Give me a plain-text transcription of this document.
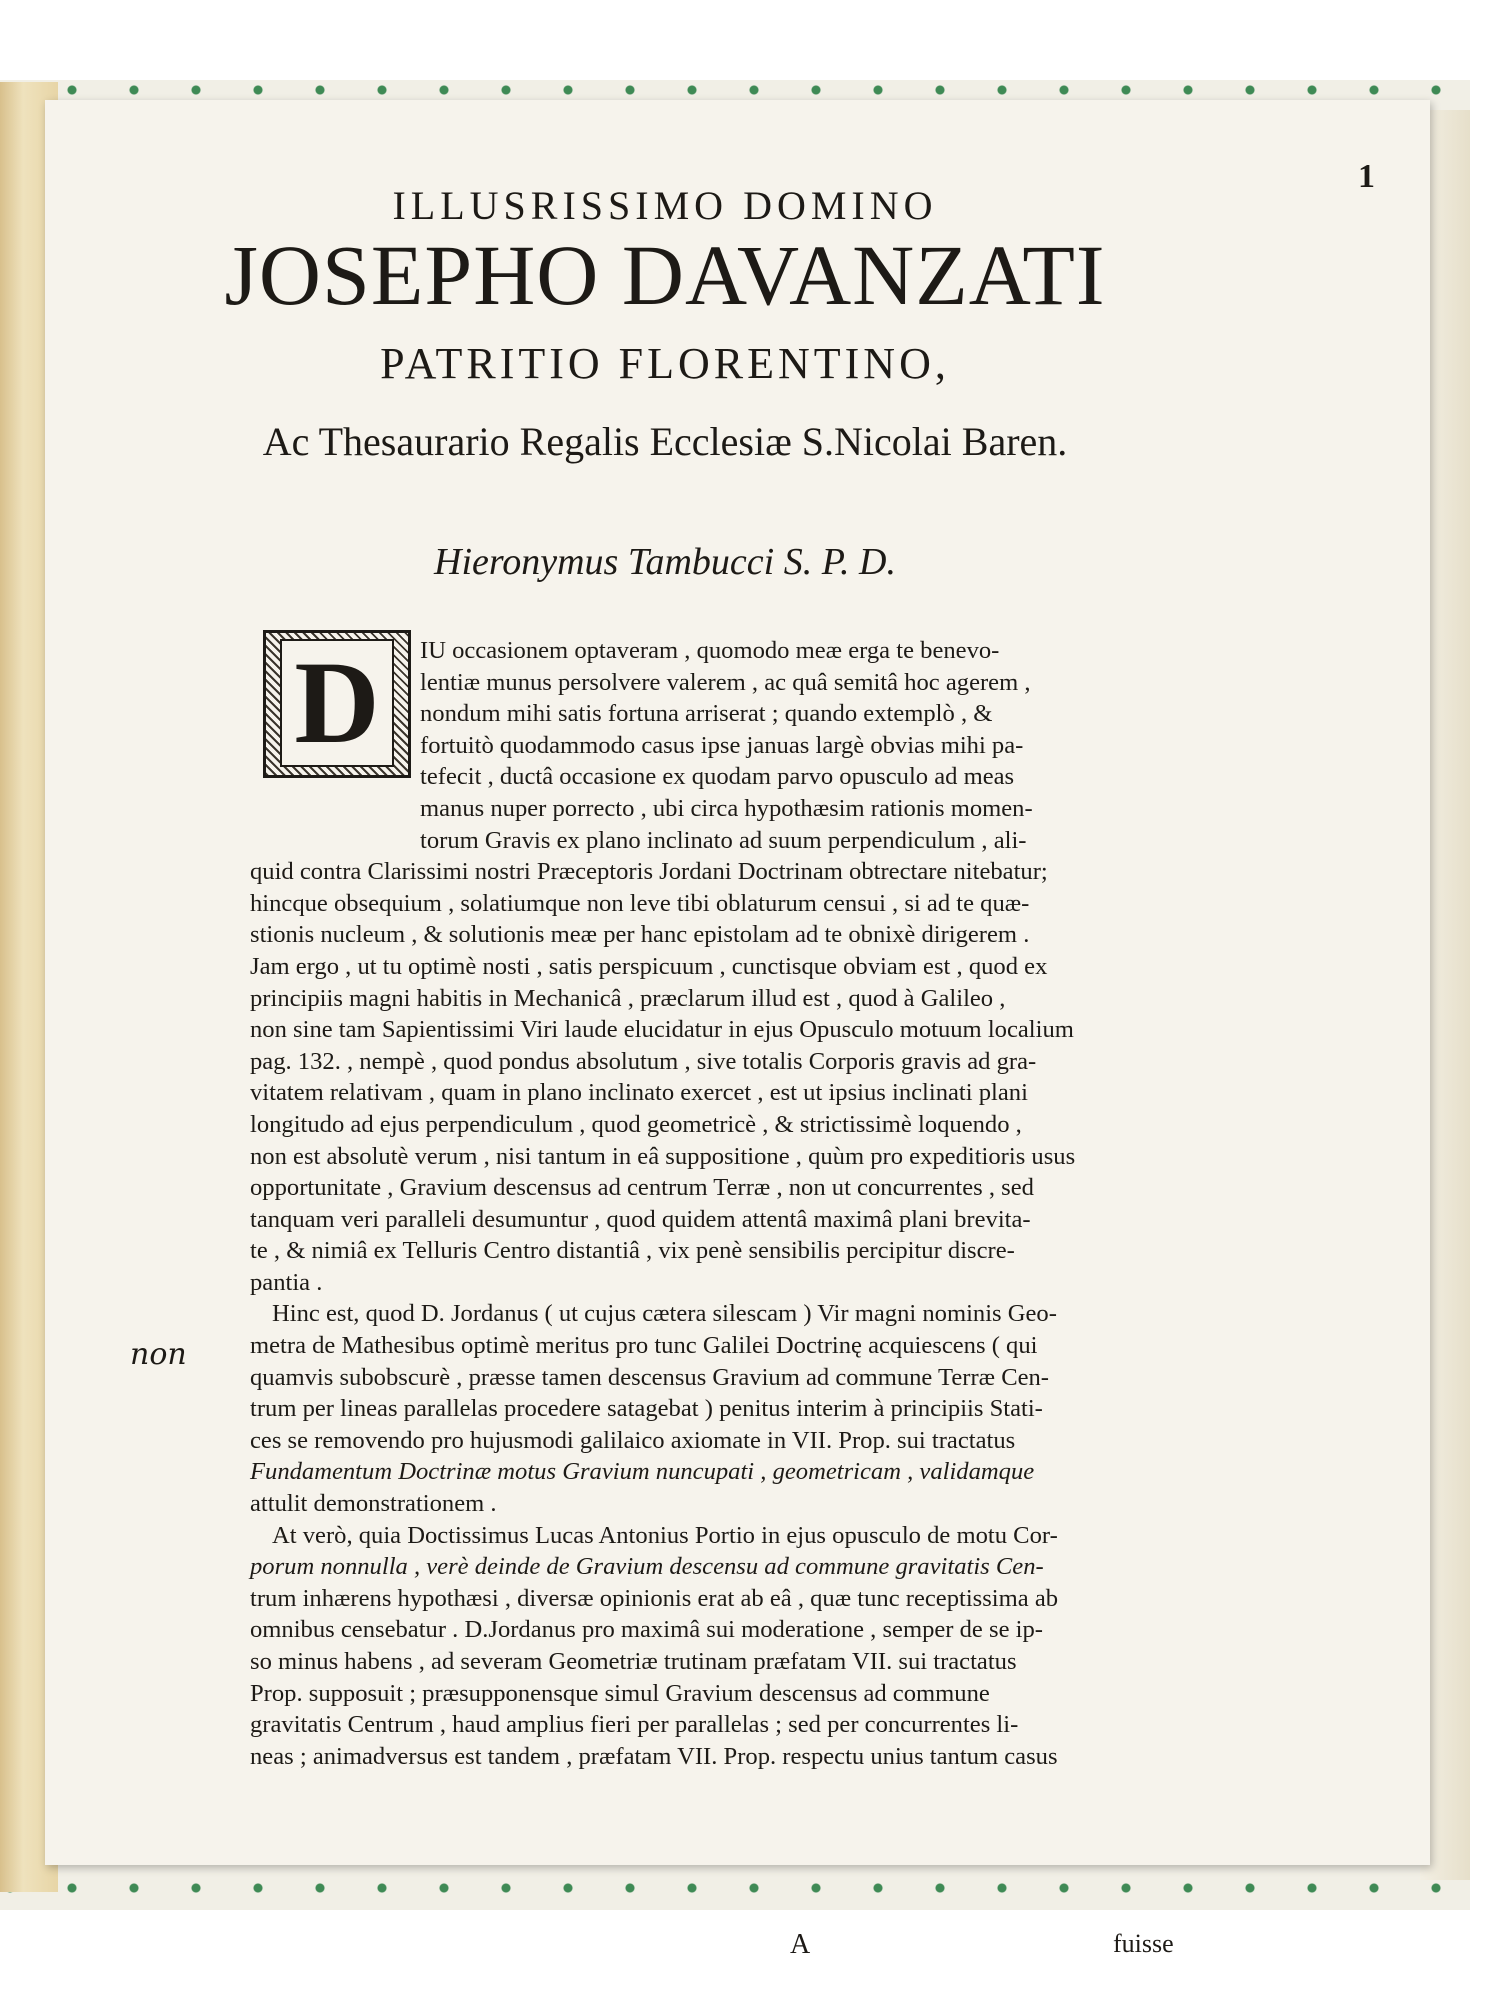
1
ILLUSRISSIMO DOMINO
JOSEPHO DAVANZATI
PATRITIO FLORENTINO,
Ac Thesaurario Regalis Ecclesiæ S.Nicolai Baren.
Hieronymus Tambucci S. P. D.
D	IU occasionem optaveram , quomodo meæ erga te benevo-
lentiæ munus persolvere valerem , ac quâ semitâ hoc agerem ,
nondum mihi satis fortuna arriserat ; quando extemplò , &
fortuitò quodammodo casus ipse januas largè obvias mihi pa-
tefecit , ductâ occasione ex quodam parvo opusculo ad meas
manus nuper porrecto , ubi circa hypothæsim rationis momen-
torum Gravis ex plano inclinato ad suum perpendiculum , ali-
quid contra Clarissimi nostri Præceptoris Jordani Doctrinam obtrectare nitebatur;
hincque obsequium , solatiumque non leve tibi oblaturum censui , si ad te quæ-
stionis nucleum , & solutionis meæ per hanc epistolam ad te obnixè dirigerem .
Jam ergo , ut tu optimè nosti , satis perspicuum , cunctisque obviam est , quod ex
principiis magni habitis in Mechanicâ , præclarum illud est , quod à Galileo ,
non sine tam Sapientissimi Viri laude elucidatur in ejus Opusculo motuum localium
pag. 132. , nempè , quod pondus absolutum , sive totalis Corporis gravis ad gra-
vitatem relativam , quam in plano inclinato exercet , est ut ipsius inclinati plani
longitudo ad ejus perpendiculum , quod geometricè , & strictissimè loquendo ,
non est absolutè verum , nisi tantum in eâ suppositione , quùm pro expeditioris usus
opportunitate , Gravium descensus ad centrum Terræ , non ut concurrentes , sed
tanquam veri paralleli desumuntur , quod quidem attentâ maximâ plani brevita-
te , & nimiâ ex Telluris Centro distantiâ , vix penè sensibilis percipitur discre-
pantia .
Hinc est, quod D. Jordanus ( ut cujus cætera silescam ) Vir magni nominis Geo-
metra de Mathesibus optimè meritus pro tunc Galilei Doctrinę acquiescens ( qui
quamvis subobscurè , præsse tamen descensus Gravium ad commune Terræ Cen-
trum per lineas parallelas procedere satagebat ) penitus interim à principiis Stati-
ces se removendo pro hujusmodi galilaico axiomate in VII. Prop. sui tractatus
Fundamentum Doctrinæ motus Gravium nuncupati , geometricam , validamque
attulit demonstrationem .
At verò, quia Doctissimus Lucas Antonius Portio in ejus opusculo de motu Cor-
porum nonnulla , verè deinde de Gravium descensu ad commune gravitatis Cen-
trum inhærens hypothæsi , diversæ opinionis erat ab eâ , quæ tunc receptissima ab
omnibus censebatur . D.Jordanus pro maximâ sui moderatione , semper de se ip-
so minus habens , ad severam Geometriæ trutinam præfatam VII. sui tractatus
Prop. supposuit ; præsupponensque simul Gravium descensus ad commune
gravitatis Centrum , haud amplius fieri per parallelas ; sed per concurrentes li-
neas ; animadversus est tandem , præfatam VII. Prop. respectu unius tantum casus
non
A	fuisse
